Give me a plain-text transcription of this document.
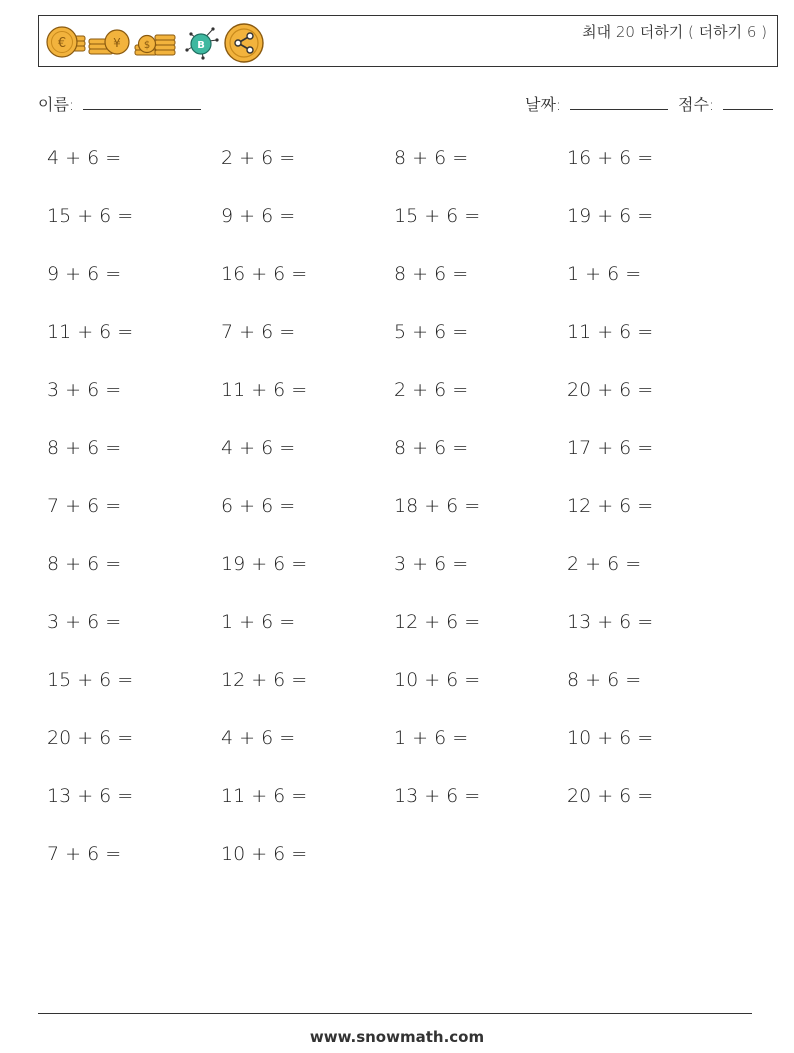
€	¥ $	B
최대 20 더하기 ( 더하기 6 )
이름:	날짜:	점수:
4 + 6 =	2 + 6 =	8 + 6 =	16 + 6 =
15 + 6 =	9 + 6 =	15 + 6 =	19 + 6 =
9 + 6 =	16 + 6 =	8 + 6 =	1 + 6 =
11 + 6 =	7 + 6 =	5 + 6 =	11 + 6 =
3 + 6 =	11 + 6 =	2 + 6 =	20 + 6 =
8 + 6 =	4 + 6 =	8 + 6 =	17 + 6 =
7 + 6 =	6 + 6 =	18 + 6 =	12 + 6 =
8 + 6 =	19 + 6 =	3 + 6 =	2 + 6 =
3 + 6 =	1 + 6 =	12 + 6 =	13 + 6 =
15 + 6 =	12 + 6 =	10 + 6 =	8 + 6 =
20 + 6 =	4 + 6 =	1 + 6 =	10 + 6 =
13 + 6 =	11 + 6 =	13 + 6 =	20 + 6 =
7 + 6 =	10 + 6 =
www.snowmath.com
